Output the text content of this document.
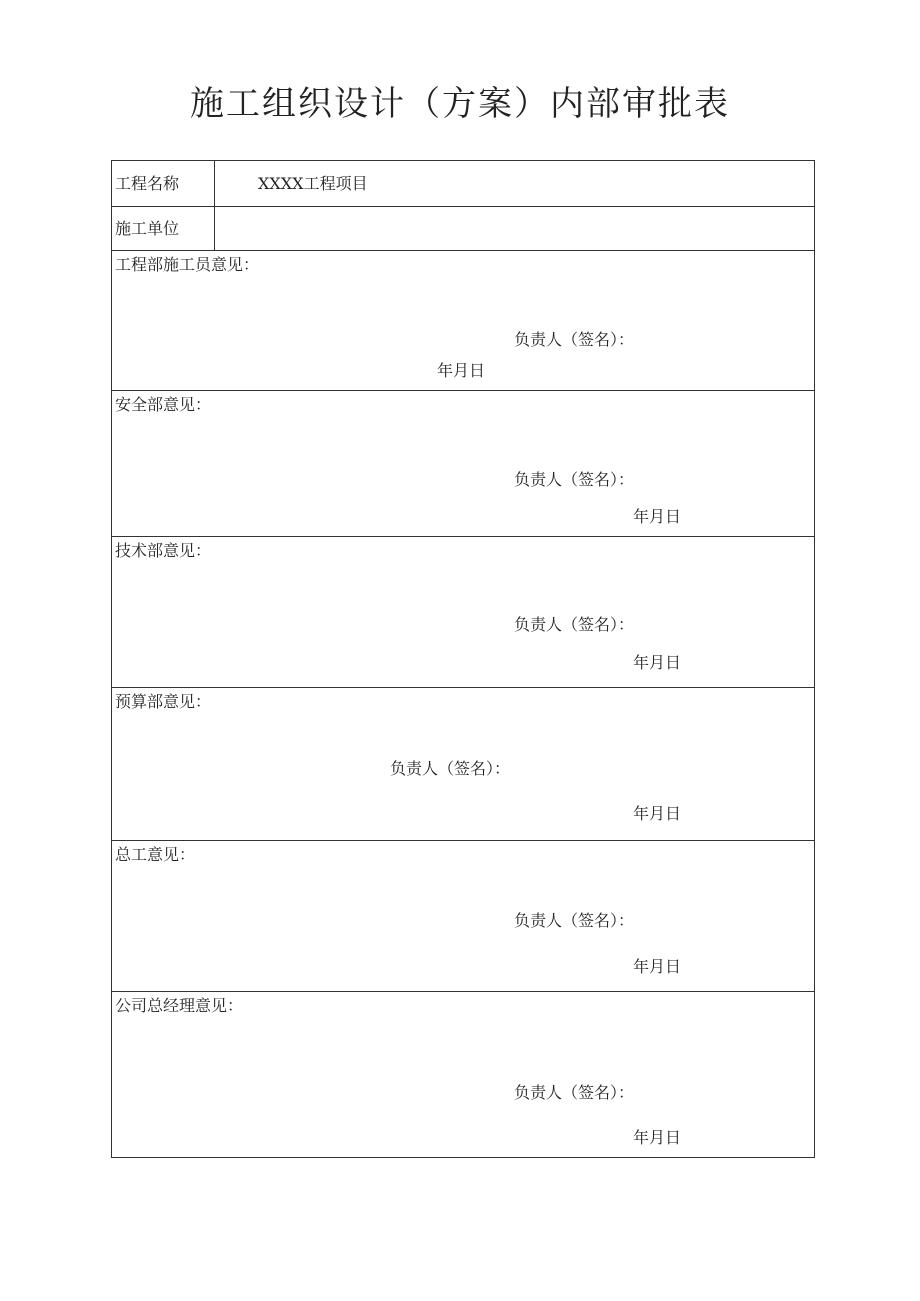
施工组织设计（方案）内部审批表
工程名称	XXXX工程项目
施工单位
工程部施工员意见：
负责人（签名）：
年月日
安全部意见：
负责人（签名）：
年月日
技术部意见：
负责人（签名）：
年月日
预算部意见：
负责人（签名）：
年月日
总工意见：
负责人（签名）：
年月日
公司总经理意见：
负责人（签名）：
年月日
